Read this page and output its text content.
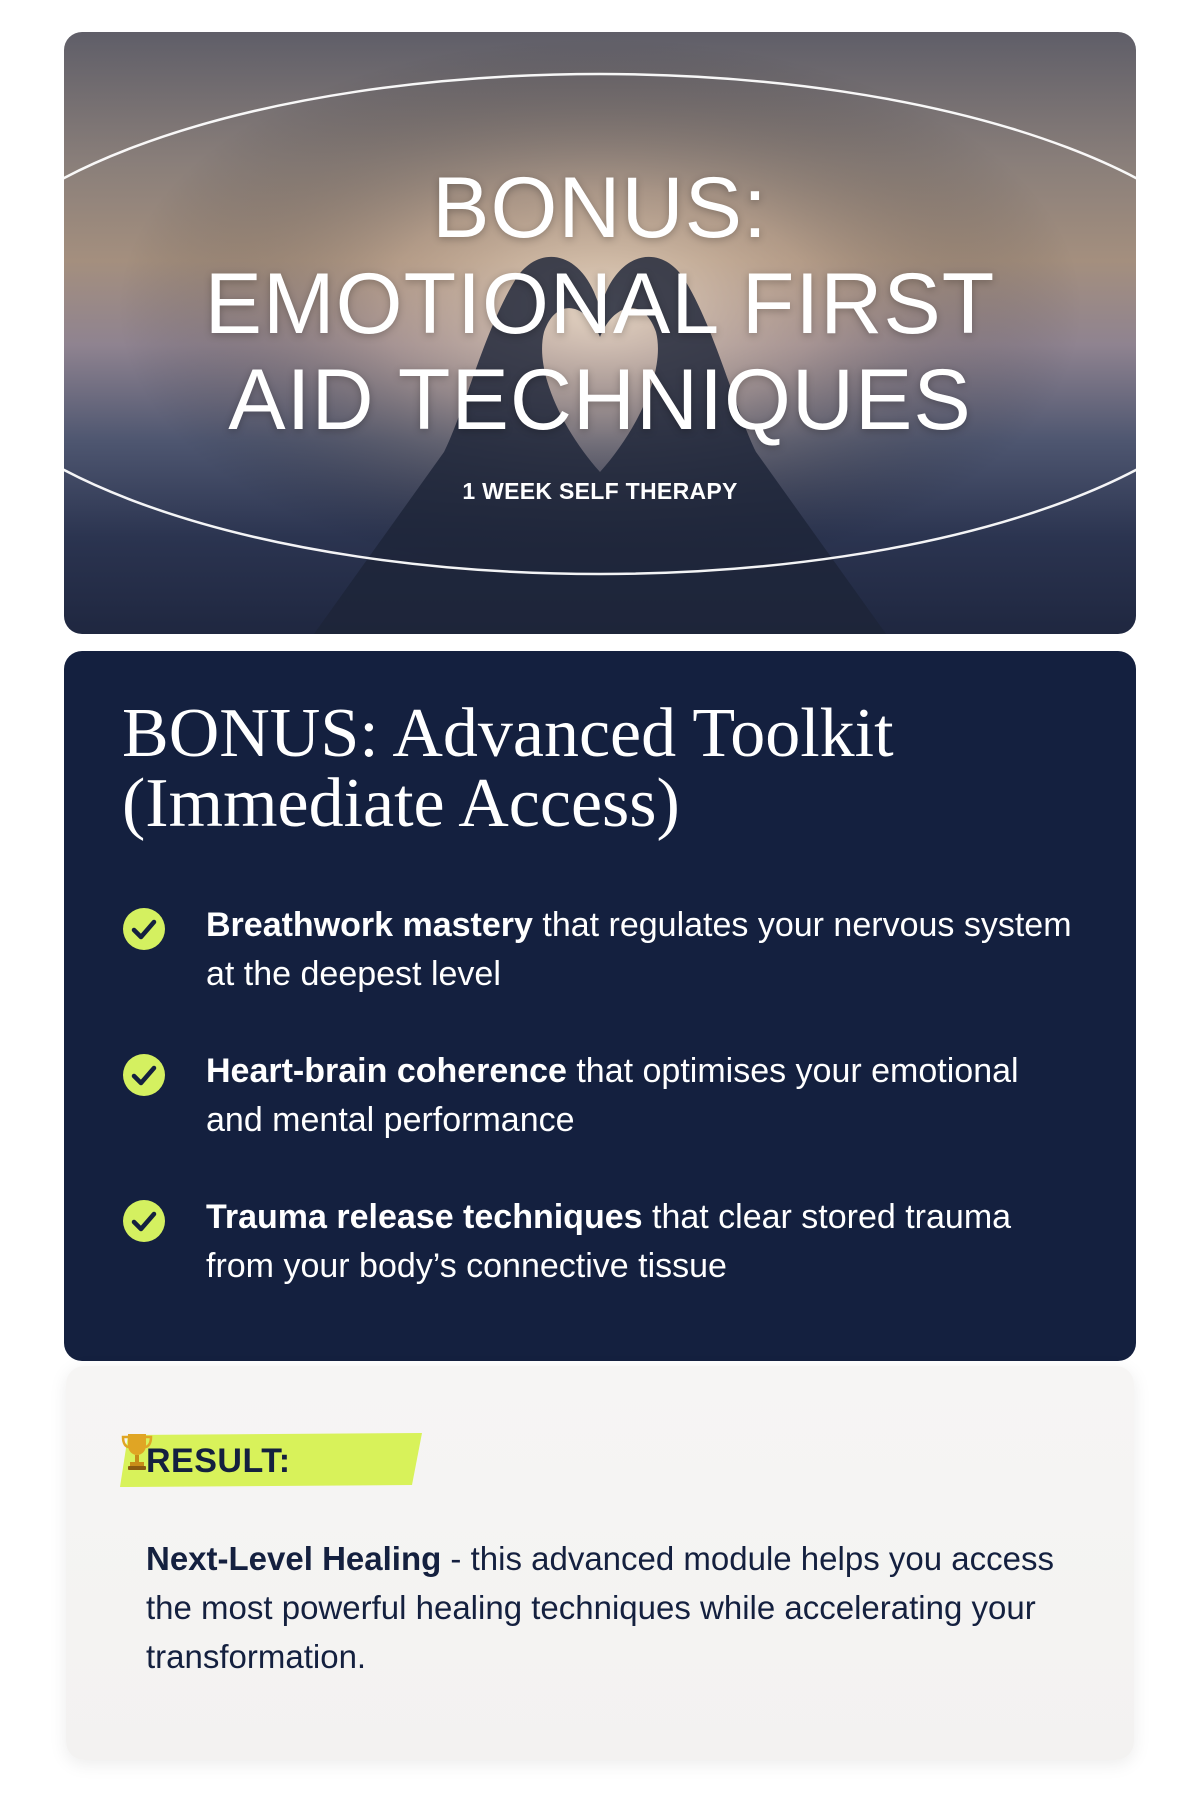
BONUS:
EMOTIONAL FIRST
AID TECHNIQUES
1 WEEK SELF THERAPY
BONUS: Advanced Toolkit
(Immediate Access)

Breathwork mastery that regulates your nervous system at the deepest level

Heart-brain coherence that optimises your emotional and mental performance

Trauma release techniques that clear stored trauma from your body’s connective tissue

RESULT:

Next-Level Healing - this advanced module helps you access the most powerful healing techniques while accelerating your transformation.
